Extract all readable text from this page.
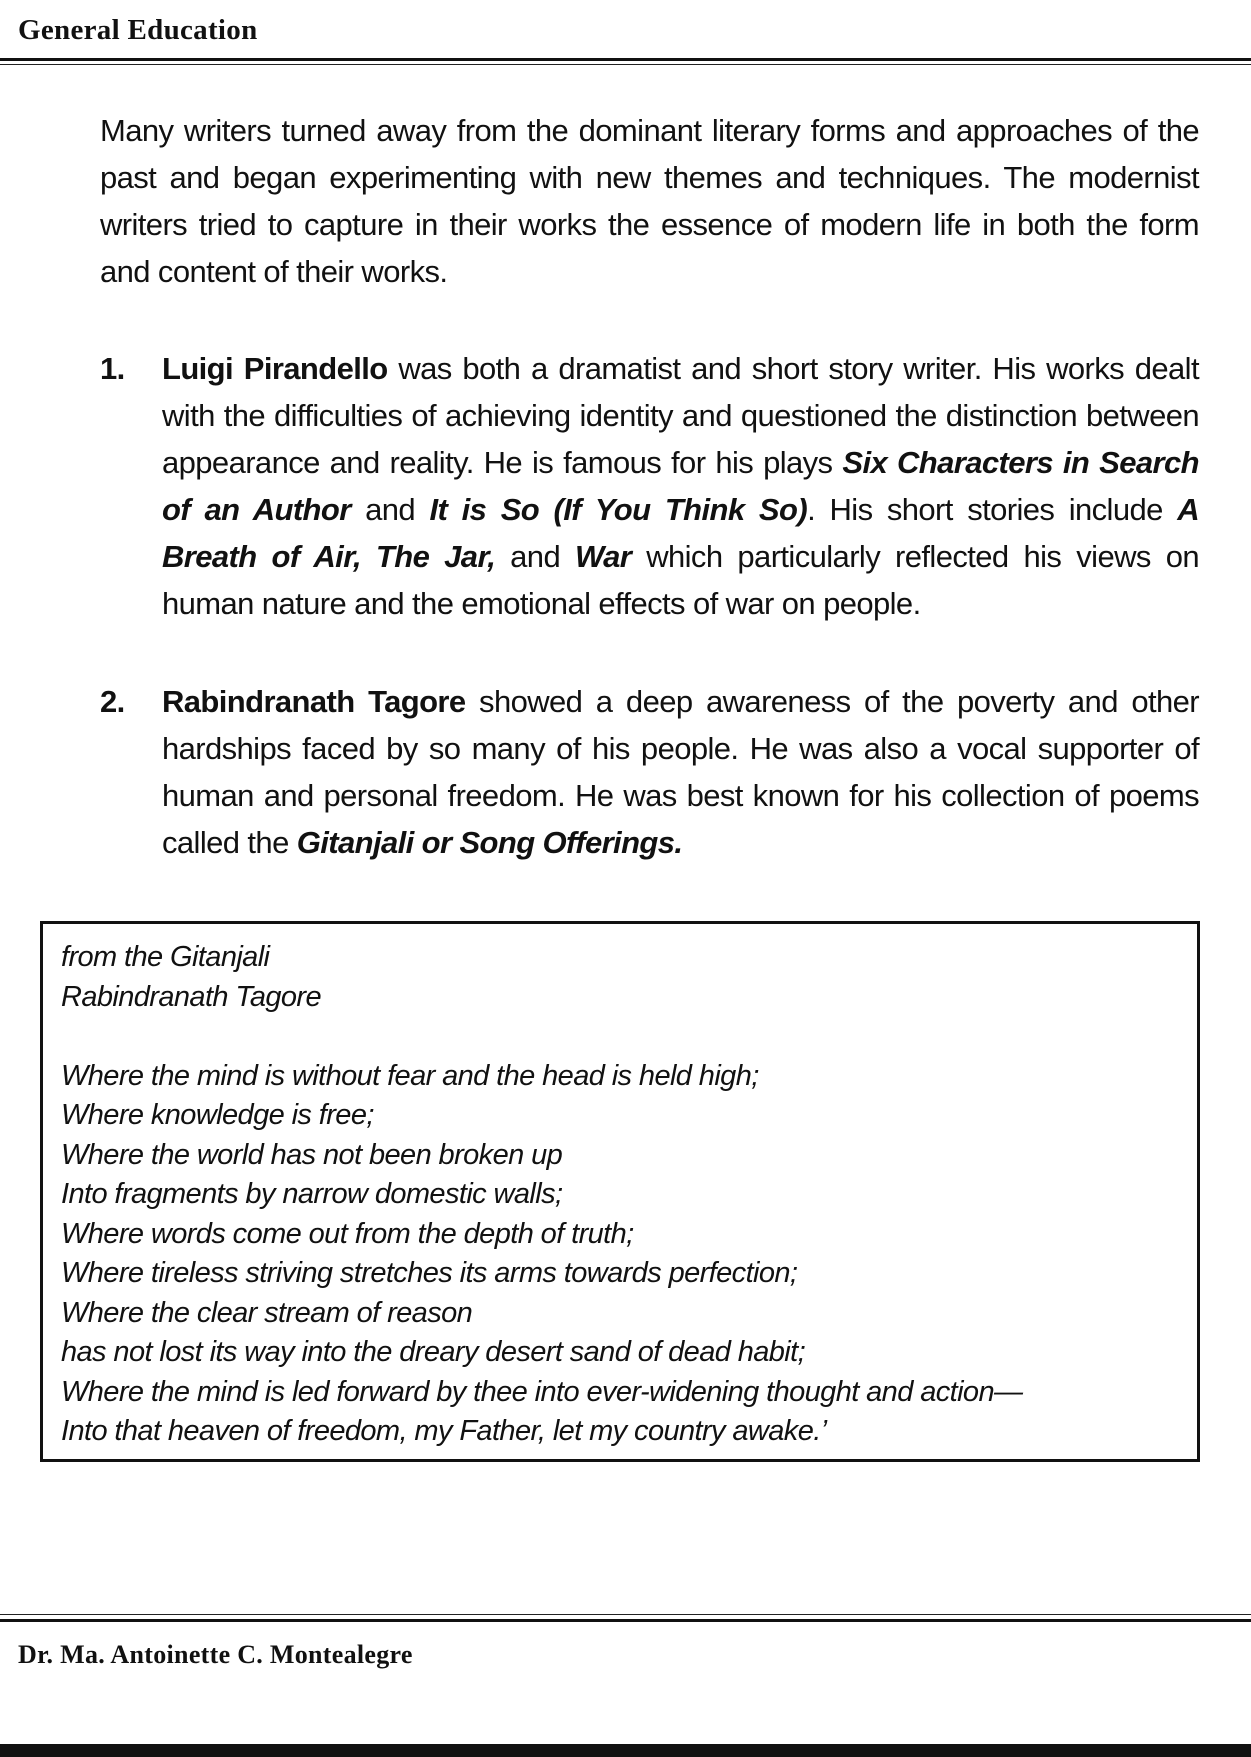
General Education

Many writers turned away from the dominant literary forms and approaches of the past and began experimenting with new themes and techniques. The modernist writers tried to capture in their works the essence of modern life in both the form and content of their works.

1. Luigi Pirandello was both a dramatist and short story writer. His works dealt with the difficulties of achieving identity and questioned the distinction between appearance and reality. He is famous for his plays Six Characters in Search of an Author and It is So (If You Think So). His short stories include A Breath of Air, The Jar, and War which particularly reflected his views on human nature and the emotional effects of war on people.
2. Rabindranath Tagore showed a deep awareness of the poverty and other hardships faced by so many of his people. He was also a vocal supporter of human and personal freedom. He was best known for his collection of poems called the Gitanjali or Song Offerings.
from the Gitanjali
Rabindranath Tagore
Where the mind is without fear and the head is held high;
Where knowledge is free;
Where the world has not been broken up
Into fragments by narrow domestic walls;
Where words come out from the depth of truth;
Where tireless striving stretches its arms towards perfection;
Where the clear stream of reason
has not lost its way into the dreary desert sand of dead habit;
Where the mind is led forward by thee into ever-widening thought and action—
Into that heaven of freedom, my Father, let my country awake.’
Dr. Ma. Antoinette C. Montealegre
